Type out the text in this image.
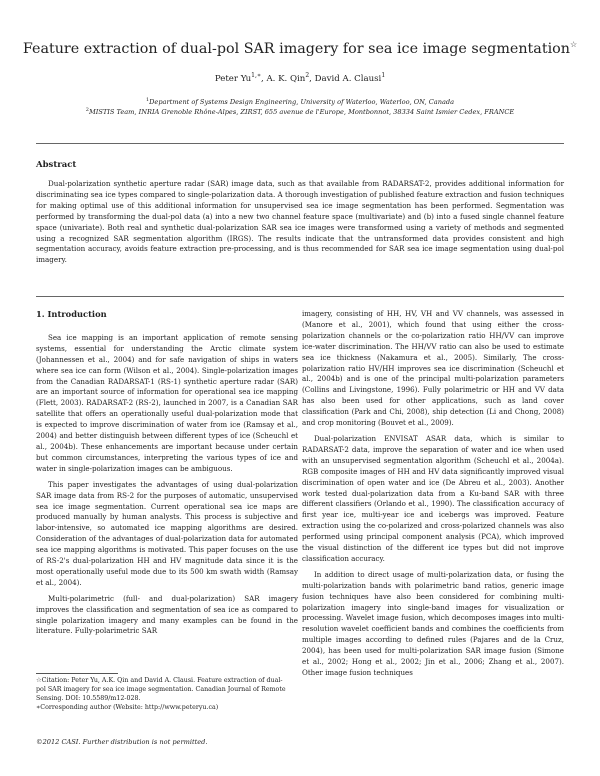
Feature extraction of dual-pol SAR imagery for sea ice image segmentation☆
Peter $Yu^{1,∗}$, A. K. Qin$^2$, David A. Clausi$^1$
$^1$Department of Systems Design Engineering, University of Waterloo, Waterloo, ON, Canada
$^2$MISTIS Team, INRIA Grenoble Rhône-Alpes, ZIRST, 655 avenue de l'Europe, Montbonnot, 38334 Saint Ismier Cedex, FRANCE
Abstract
Dual-polarization synthetic aperture radar (SAR) image data, such as that available from RADARSAT-2, provides additional information for discriminating sea ice types compared to single-polarization data. A thorough investigation of published feature extraction and fusion techniques for making optimal use of this additional information for unsupervised sea ice image segmentation has been performed. Segmentation was performed by transforming the dual-pol data (a) into a new two channel feature space (multivariate) and (b) into a fused single channel feature space (univariate). Both real and synthetic dual-polarization SAR sea ice images were transformed using a variety of methods and segmented using a recognized SAR segmentation algorithm (IRGS). The results indicate that the untransformed data provides consistent and high segmentation accuracy, avoids feature extraction pre-processing, and is thus recommended for SAR sea ice image segmentation using dual-pol imagery.

1. Introduction

Sea ice mapping is an important application of remote sensing systems, essential for understanding the Arctic climate system (Johannessen et al., 2004) and for safe navigation of ships in waters where sea ice can form (Wilson et al., 2004). Single-polarization images from the Canadian RADARSAT-1 (RS-1) synthetic aperture radar (SAR) are an important source of information for operational sea ice mapping (Flett, 2003). RADARSAT-2 (RS-2), launched in 2007, is a Canadian SAR satellite that offers an operationally useful dual-polarization mode that is expected to improve discrimination of water from ice (Ramsay et al., 2004) and better distinguish between different types of ice (Scheuchl et al., 2004b). These enhancements are important because under certain but common circumstances, interpreting the various types of ice and water in single-polarization images can be ambiguous.

This paper investigates the advantages of using dual-polarization SAR image data from RS-2 for the purposes of automatic, unsupervised sea ice image segmentation. Current operational sea ice maps are produced manually by human analysts. This process is subjective and labor-intensive, so automated ice mapping algorithms are desired. Consideration of the advantages of dual-polarization data for automated sea ice mapping algorithms is motivated. This paper focuses on the use of RS-2's dual-polarization HH and HV magnitude data since it is the most operationally useful mode due to its 500 km swath width (Ramsay et al., 2004).

Multi-polarimetric (full- and dual-polarization) SAR imagery improves the classification and segmentation of sea ice as compared to single polarization imagery and many examples can be found in the literature. Fully-polarimetric SAR

imagery, consisting of HH, HV, VH and VV channels, was assessed in (Manore et al., 2001), which found that using either the cross-polarization channels or the co-polarization ratio HH/VV can improve ice-water discrimination. The HH/VV ratio can also be used to estimate sea ice thickness (Nakamura et al., 2005). Similarly, The cross-polarization ratio HV/HH improves sea ice discrimination (Scheuchl et al., 2004b) and is one of the principal multi-polarization parameters (Collins and Livingstone, 1996). Fully polarimetric or HH and VV data has also been used for other applications, such as land cover classification (Park and Chi, 2008), ship detection (Li and Chong, 2008) and crop monitoring (Bouvet et al., 2009).

Dual-polarization ENVISAT ASAR data, which is similar to RADARSAT-2 data, improve the separation of water and ice when used with an unsupervised segmentation algorithm (Scheuchl et al., 2004a). RGB composite images of HH and HV data significantly improved visual discrimination of open water and ice (De Abreu et al., 2003). Another work tested dual-polarization data from a Ku-band SAR with three different classifiers (Orlando et al., 1990). The classification accuracy of first year ice, multi-year ice and icebergs was improved. Feature extraction using the co-polarized and cross-polarized channels was also performed using principal component analysis (PCA), which improved the visual distinction of the different ice types but did not improve classification accuracy.

In addition to direct usage of multi-polarization data, or fusing the multi-polarization bands with polarimetric band ratios, generic image fusion techniques have also been considered for combining multi-polarization imagery into single-band images for visualization or processing. Wavelet image fusion, which decomposes images into multi-resolution wavelet coefficient bands and combines the coefficients from multiple images according to defined rules (Pajares and de la Cruz, 2004), has been used for multi-polarization SAR image fusion (Simone et al., 2002; Hong et al., 2002; Jin et al., 2006; Zhang et al., 2007). Other image fusion techniques

☆Citation: Peter Yu, A.K. Qin and David A. Clausi. Feature extraction of dual-pol SAR imagery for sea ice image segmentation. Canadian Journal of Remote Sensing. DOI: 10.5589/m12-028.

∗Corresponding author (Website: http://www.peteryu.ca)

©2012 CASI. Further distribution is not permitted.
